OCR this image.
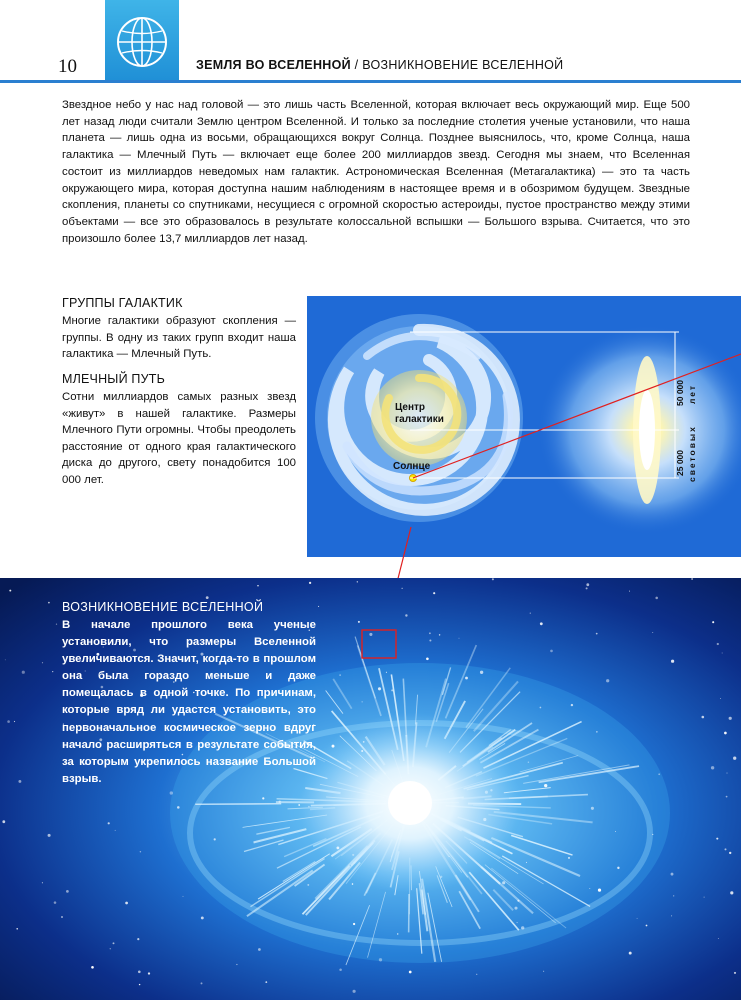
10	ЗЕМЛЯ ВО ВСЕЛЕННОЙ / ВОЗНИКНОВЕНИЕ ВСЕЛЕННОЙ
Звездное небо у нас над головой — это лишь часть Вселенной, которая включает весь окружающий мир. Еще 500 лет назад люди считали Землю центром Вселенной. И только за последние столетия ученые установили, что наша планета — лишь одна из восьми, обращающихся вокруг Солнца. Позднее выяснилось, что, кроме Солнца, наша галактика — Млечный Путь — включает еще более 200 миллиардов звезд. Сегодня мы знаем, что Вселенная состоит из миллиардов неведомых нам галактик. Астрономическая Вселенная (Метагалактика) — это та часть окружающего мира, которая доступна нашим наблюдениям в настоящее время и в обозримом будущем. Звездные скопления, планеты со спутниками, несущиеся с огромной скоростью астероиды, пустое пространство между этими объектами — все это образовалось в результате колоссальной вспышки — Большого взрыва. Считается, что это произошло более 13,7 миллиардов лет назад.
ГРУППЫ ГАЛАКТИК

Многие галактики образуют скопления — группы. В одну из таких групп входит наша галактика — Млечный Путь.

МЛЕЧНЫЙ ПУТЬ

Сотни миллиардов самых разных звезд «живут» в нашей галактике. Размеры Млечного Пути огромны. Чтобы преодолеть расстояние от одного края галактического диска до другого, свету понадобится 100 000 лет.

Центр
галактики
Солнце
50 000 лет
25 000 световых
ВОЗНИКНОВЕНИЕ ВСЕЛЕННОЙ
В начале прошлого века ученые установили, что размеры Вселенной увеличиваются. Значит, когда-то в прошлом она была гораздо меньше и даже помещалась в одной точке. По причинам, которые вряд ли удастся установить, это первоначальное космическое зерно вдруг начало расширяться в результате события, за которым укрепилось название Большой взрыв.
